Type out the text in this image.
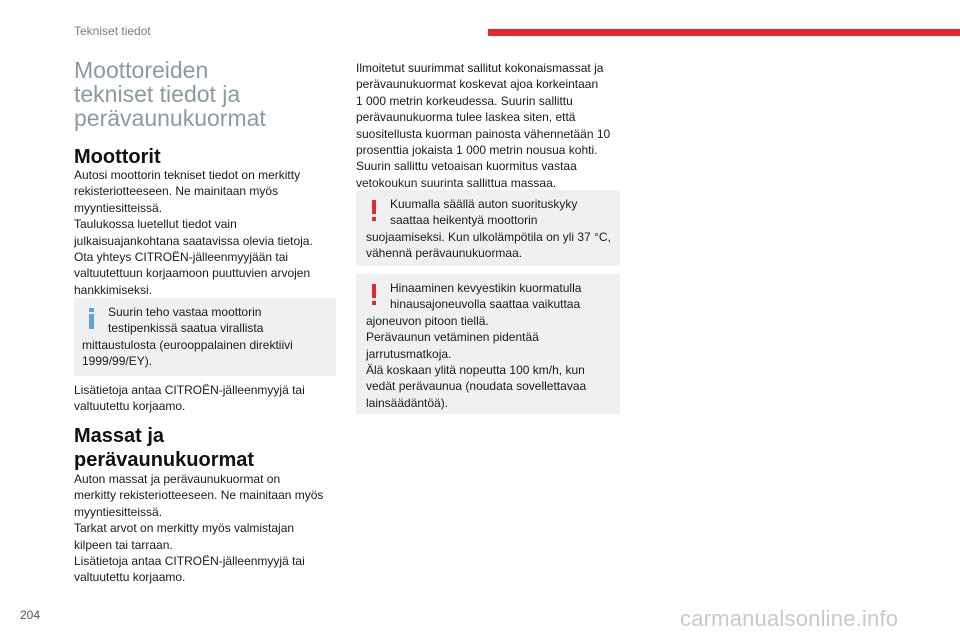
Tekniset tiedot
Moottoreiden
tekniset tiedot ja
perävaunukuormat
Moottorit

Autosi moottorin tekniset tiedot on merkitty

rekisteriotteeseen. Ne mainitaan myös

myyntiesitteissä.

Taulukossa luetellut tiedot vain

julkaisuajankohtana saatavissa olevia tietoja.

Ota yhteys CITROËN-jälleenmyyjään tai

valtuutettuun korjaamoon puuttuvien arvojen

hankkimiseksi.

Suurin teho vastaa moottorin
testipenkissä saatua virallista
mittaustulosta (eurooppalainen direktiivi
1999/99/EY).

Lisätietoja antaa CITROËN-jälleenmyyjä tai

valtuutettu korjaamo.

Massat ja
perävaunukuormat

Auton massat ja perävaunukuormat on

merkitty rekisteriotteeseen. Ne mainitaan myös

myyntiesitteissä.

Tarkat arvot on merkitty myös valmistajan

kilpeen tai tarraan.

Lisätietoja antaa CITROËN-jälleenmyyjä tai

valtuutettu korjaamo.

Ilmoitetut suurimmat sallitut kokonaismassat ja

perävaunukuormat koskevat ajoa korkeintaan

1 000 metrin korkeudessa. Suurin sallittu

perävaunukuorma tulee laskea siten, että

suositellusta kuorman painosta vähennetään 10

prosenttia jokaista 1 000 metrin nousua kohti.

Suurin sallittu vetoaisan kuormitus vastaa

vetokoukun suurinta sallittua massaa.

Kuumalla säällä auton suorituskyky
saattaa heikentyä moottorin
suojaamiseksi. Kun ulkolämpötila on yli 37 °C,
vähennä perävaunukuormaa.
Hinaaminen kevyestikin kuormatulla
hinausajoneuvolla saattaa vaikuttaa
ajoneuvon pitoon tiellä.
Perävaunun vetäminen pidentää
jarrutusmatkoja.
Älä koskaan ylitä nopeutta 100 km/h, kun
vedät perävaunua (noudata sovellettavaa
lainsäädäntöä).
204	carmanualsonline.info
